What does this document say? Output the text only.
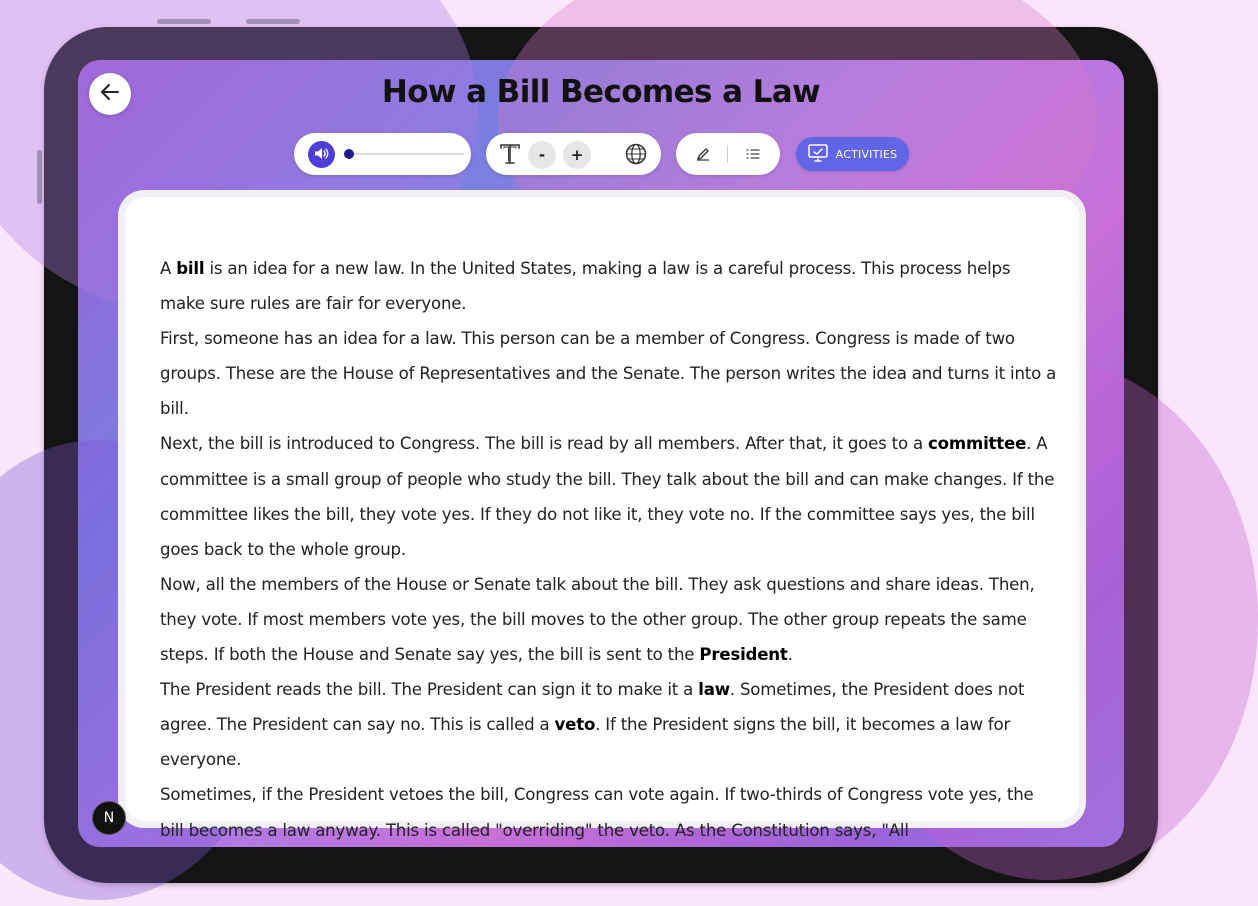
How a Bill Becomes a Law
-	+	ACTIVITIES

A bill is an idea for a new law. In the United States, making a law is a careful process. This process helps make sure rules are fair for everyone.

First, someone has an idea for a law. This person can be a member of Congress. Congress is made of two groups. These are the House of Representatives and the Senate. The person writes the idea and turns it into a bill.

Next, the bill is introduced to Congress. The bill is read by all members. After that, it goes to a committee. A committee is a small group of people who study the bill. They talk about the bill and can make changes. If the committee likes the bill, they vote yes. If they do not like it, they vote no. If the committee says yes, the bill goes back to the whole group.

Now, all the members of the House or Senate talk about the bill. They ask questions and share ideas. Then, they vote. If most members vote yes, the bill moves to the other group. The other group repeats the same steps. If both the House and Senate say yes, the bill is sent to the President.

The President reads the bill. The President can sign it to make it a law. Sometimes, the President does not agree. The President can say no. This is called a veto. If the President signs the bill, it becomes a law for everyone.

Sometimes, if the President vetoes the bill, Congress can vote again. If two-thirds of Congress vote yes, the bill becomes a law anyway. This is called "overriding" the veto. As the Constitution says, "All

N
